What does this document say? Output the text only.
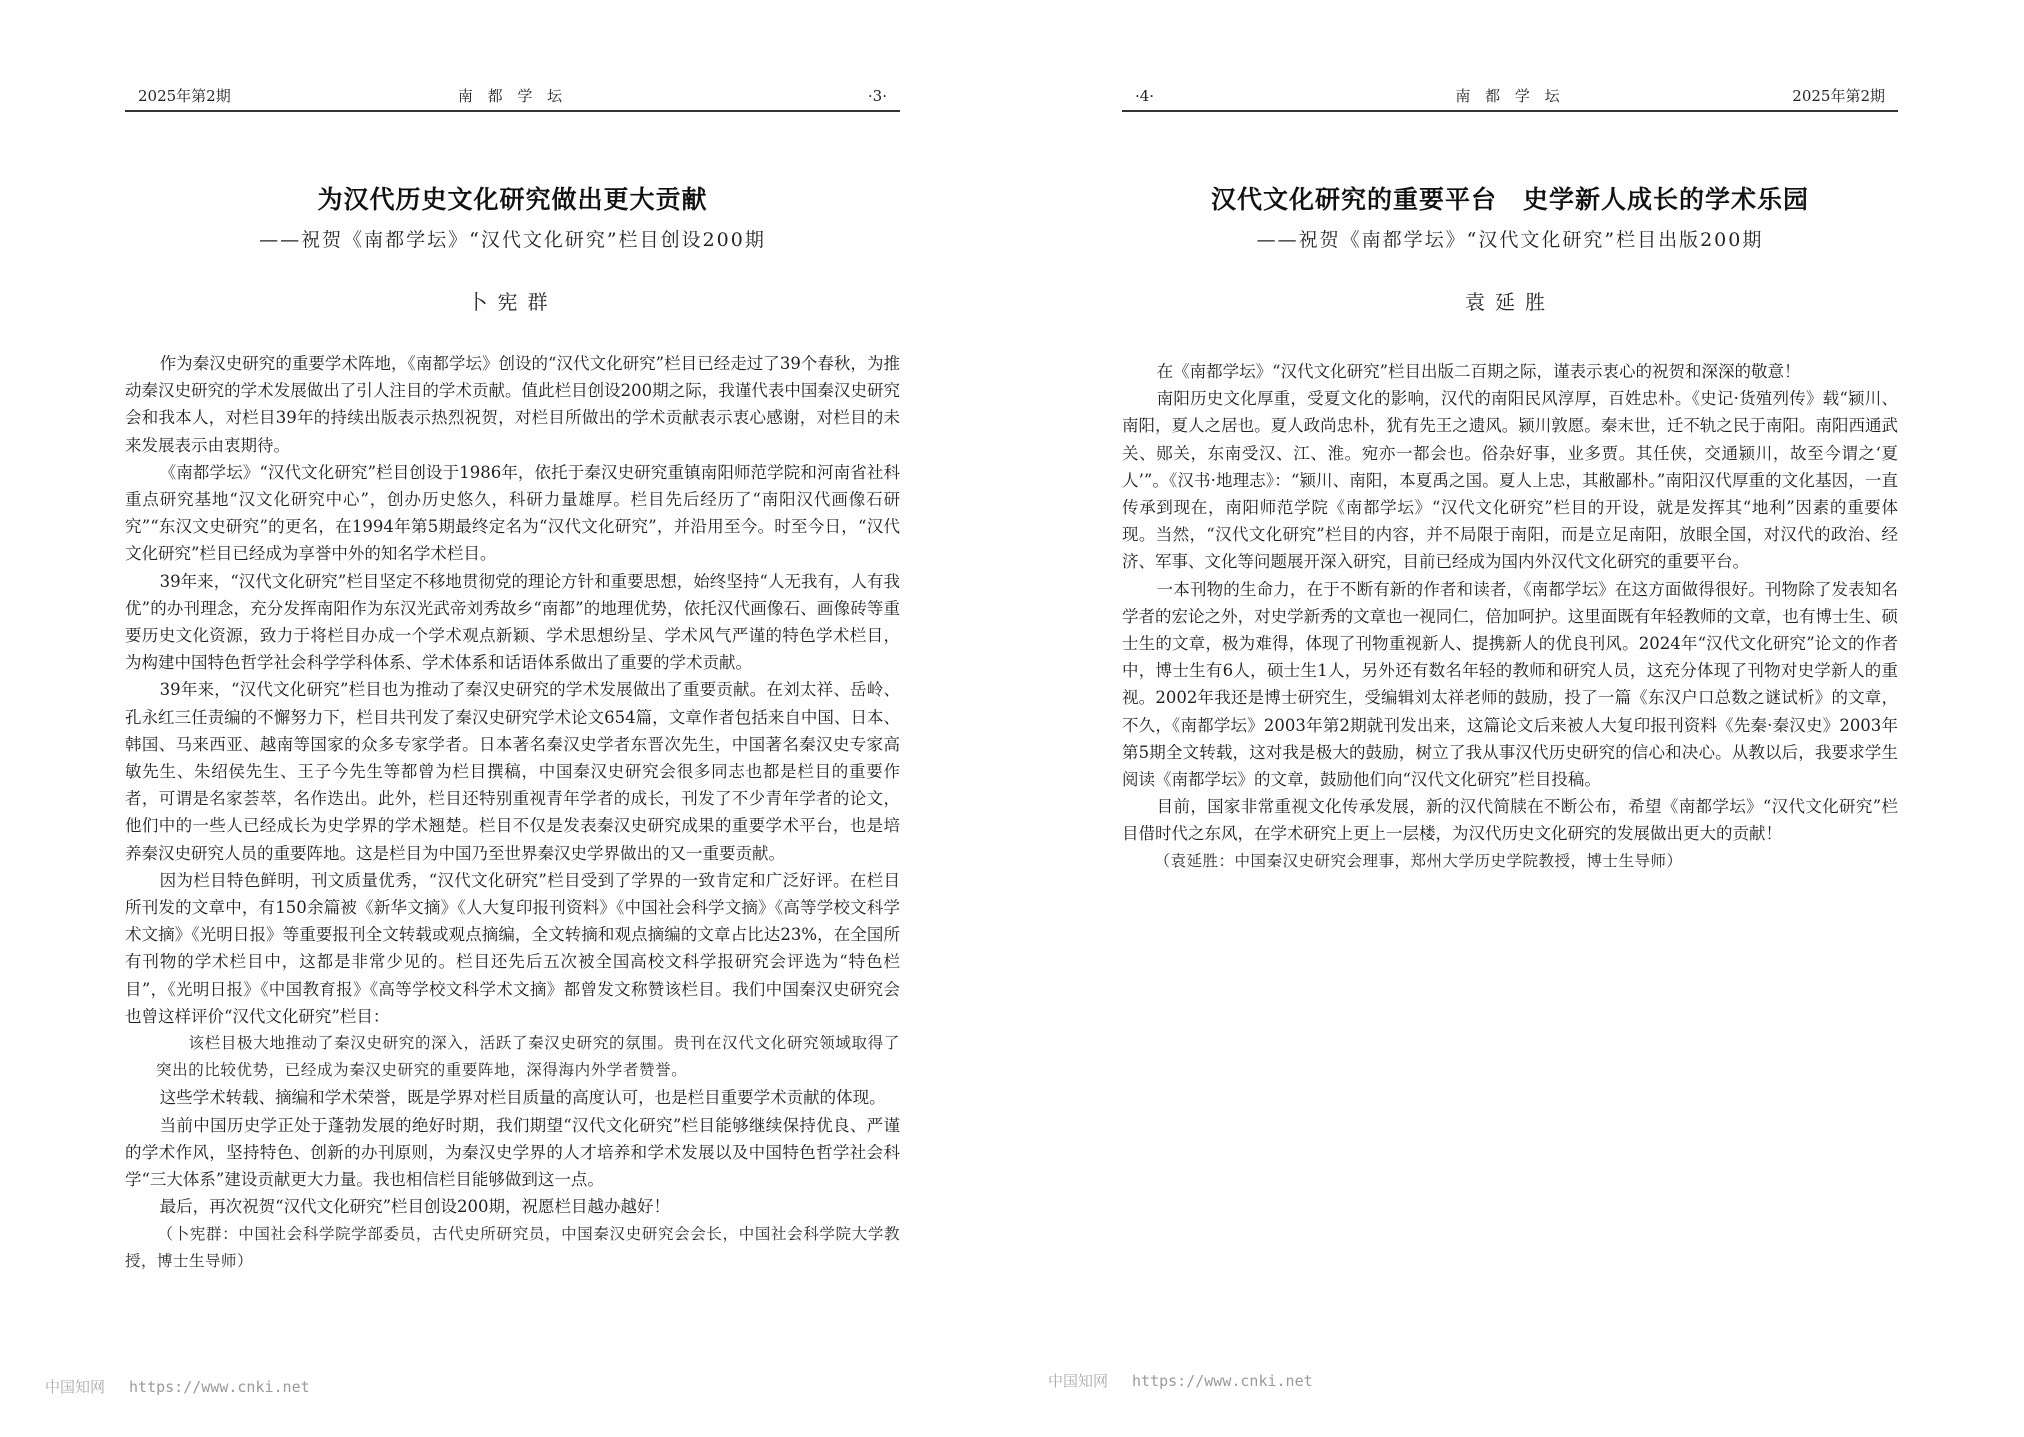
2025年第2期	南 都 学 坛	·3·
为汉代历史文化研究做出更大贡献
——祝贺《南都学坛》“汉代文化研究”栏目创设200期
卜宪群

作为秦汉史研究的重要学术阵地，《南都学坛》创设的“汉代文化研究”栏目已经走过了39个春秋，为推动秦汉史研究的学术发展做出了引人注目的学术贡献。值此栏目创设200期之际，我谨代表中国秦汉史研究会和我本人，对栏目39年的持续出版表示热烈祝贺，对栏目所做出的学术贡献表示衷心感谢，对栏目的未来发展表示由衷期待。

《南都学坛》“汉代文化研究”栏目创设于1986年，依托于秦汉史研究重镇南阳师范学院和河南省社科重点研究基地“汉文化研究中心”，创办历史悠久，科研力量雄厚。栏目先后经历了“南阳汉代画像石研究”“东汉文史研究”的更名，在1994年第5期最终定名为“汉代文化研究”，并沿用至今。时至今日，“汉代文化研究”栏目已经成为享誉中外的知名学术栏目。

39年来，“汉代文化研究”栏目坚定不移地贯彻党的理论方针和重要思想，始终坚持“人无我有，人有我优”的办刊理念，充分发挥南阳作为东汉光武帝刘秀故乡“南都”的地理优势，依托汉代画像石、画像砖等重要历史文化资源，致力于将栏目办成一个学术观点新颖、学术思想纷呈、学术风气严谨的特色学术栏目，为构建中国特色哲学社会科学学科体系、学术体系和话语体系做出了重要的学术贡献。

39年来，“汉代文化研究”栏目也为推动了秦汉史研究的学术发展做出了重要贡献。在刘太祥、岳岭、孔永红三任责编的不懈努力下，栏目共刊发了秦汉史研究学术论文654篇，文章作者包括来自中国、日本、韩国、马来西亚、越南等国家的众多专家学者。日本著名秦汉史学者东晋次先生，中国著名秦汉史专家高敏先生、朱绍侯先生、王子今先生等都曾为栏目撰稿，中国秦汉史研究会很多同志也都是栏目的重要作者，可谓是名家荟萃，名作迭出。此外，栏目还特别重视青年学者的成长，刊发了不少青年学者的论文，他们中的一些人已经成长为史学界的学术翘楚。栏目不仅是发表秦汉史研究成果的重要学术平台，也是培养秦汉史研究人员的重要阵地。这是栏目为中国乃至世界秦汉史学界做出的又一重要贡献。

因为栏目特色鲜明，刊文质量优秀，“汉代文化研究”栏目受到了学界的一致肯定和广泛好评。在栏目所刊发的文章中，有150余篇被《新华文摘》《人大复印报刊资料》《中国社会科学文摘》《高等学校文科学术文摘》《光明日报》等重要报刊全文转载或观点摘编，全文转摘和观点摘编的文章占比达23%，在全国所有刊物的学术栏目中，这都是非常少见的。栏目还先后五次被全国高校文科学报研究会评选为“特色栏目”，《光明日报》《中国教育报》《高等学校文科学术文摘》都曾发文称赞该栏目。我们中国秦汉史研究会也曾这样评价“汉代文化研究”栏目：

该栏目极大地推动了秦汉史研究的深入，活跃了秦汉史研究的氛围。贵刊在汉代文化研究领域取得了突出的比较优势，已经成为秦汉史研究的重要阵地，深得海内外学者赞誉。

这些学术转载、摘编和学术荣誉，既是学界对栏目质量的高度认可，也是栏目重要学术贡献的体现。

当前中国历史学正处于蓬勃发展的绝好时期，我们期望“汉代文化研究”栏目能够继续保持优良、严谨的学术作风，坚持特色、创新的办刊原则，为秦汉史学界的人才培养和学术发展以及中国特色哲学社会科学“三大体系”建设贡献更大力量。我也相信栏目能够做到这一点。

最后，再次祝贺“汉代文化研究”栏目创设200期，祝愿栏目越办越好！

（卜宪群：中国社会科学院学部委员，古代史所研究员，中国秦汉史研究会会长，中国社会科学院大学教授，博士生导师）

·4·	南 都 学 坛	2025年第2期
汉代文化研究的重要平台　史学新人成长的学术乐园
——祝贺《南都学坛》“汉代文化研究”栏目出版200期
袁延胜

在《南都学坛》“汉代文化研究”栏目出版二百期之际，谨表示衷心的祝贺和深深的敬意！

南阳历史文化厚重，受夏文化的影响，汉代的南阳民风淳厚，百姓忠朴。《史记·货殖列传》载“颍川、南阳，夏人之居也。夏人政尚忠朴，犹有先王之遗风。颍川敦愿。秦末世，迁不轨之民于南阳。南阳西通武关、郧关，东南受汉、江、淮。宛亦一都会也。俗杂好事，业多贾。其任侠，交通颍川，故至今谓之‘夏人’”。《汉书·地理志》：“颍川、南阳，本夏禹之国。夏人上忠，其敝鄙朴。”南阳汉代厚重的文化基因，一直传承到现在，南阳师范学院《南都学坛》“汉代文化研究”栏目的开设，就是发挥其“地利”因素的重要体现。当然，“汉代文化研究”栏目的内容，并不局限于南阳，而是立足南阳，放眼全国，对汉代的政治、经济、军事、文化等问题展开深入研究，目前已经成为国内外汉代文化研究的重要平台。

一本刊物的生命力，在于不断有新的作者和读者，《南都学坛》在这方面做得很好。刊物除了发表知名学者的宏论之外，对史学新秀的文章也一视同仁，倍加呵护。这里面既有年轻教师的文章，也有博士生、硕士生的文章，极为难得，体现了刊物重视新人、提携新人的优良刊风。2024年“汉代文化研究”论文的作者中，博士生有6人，硕士生1人，另外还有数名年轻的教师和研究人员，这充分体现了刊物对史学新人的重视。2002年我还是博士研究生，受编辑刘太祥老师的鼓励，投了一篇《东汉户口总数之谜试析》的文章，不久，《南都学坛》2003年第2期就刊发出来，这篇论文后来被人大复印报刊资料《先秦·秦汉史》2003年第5期全文转载，这对我是极大的鼓励，树立了我从事汉代历史研究的信心和决心。从教以后，我要求学生阅读《南都学坛》的文章，鼓励他们向“汉代文化研究”栏目投稿。

目前，国家非常重视文化传承发展，新的汉代简牍在不断公布，希望《南都学坛》“汉代文化研究”栏目借时代之东风，在学术研究上更上一层楼，为汉代历史文化研究的发展做出更大的贡献！

（袁延胜：中国秦汉史研究会理事，郑州大学历史学院教授，博士生导师）

中国知网 https://www.cnki.net	中国知网 https://www.cnki.net
